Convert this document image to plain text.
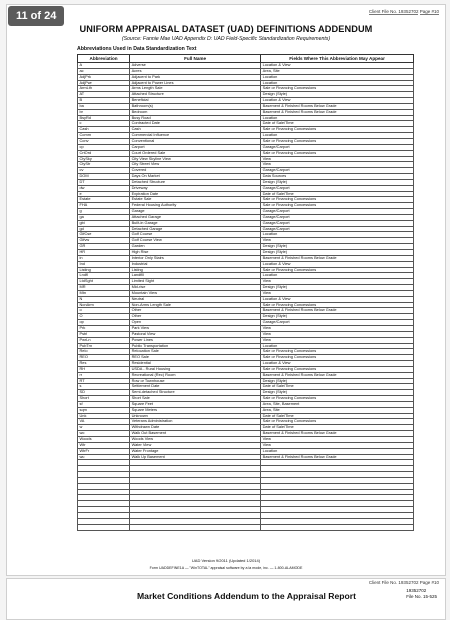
11 of 24	Client File No. 19352702 Page #10
UNIFORM APPRAISAL DATASET (UAD) DEFINITIONS ADDENDUM
(Source: Fannie Mae UAD Appendix D: UAD Field-Specific Standardization Requirements)
Abbreviations Used in Data Standardization Text
Abbreviation	Full Name	Fields Where This Abbreviation May Appear
A	Adverse	Location & View
ac	Acres	Area, Site
AdjPrk	Adjacent to Park	Location
AdjPwr	Adjacent to Power Lines	Location
ArmLth	Arms Length Sale	Sale or Financing Concessions
AT	Attached Structure	Design (Style)
B	Beneficial	Location & View
ba	Bathroom(s)	Basement & Finished Rooms Below Grade
br	Bedroom	Basement & Finished Rooms Below Grade
BsyRd	Busy Road	Location
c	Contracted Date	Date of Sale/Time
Cash	Cash	Sale or Financing Concessions
Comm	Commercial Influence	Location
Conv	Conventional	Sale or Financing Concessions
cp	Carport	Garage/Carport
CrtOrd	Court Ordered Sale	Sale or Financing Concessions
CtySky	City View Skyline View	View
CtyStr	City Street View	View
cv	Covered	Garage/Carport
DOM	Days On Market	Data Sources
DT	Detached Structure	Design (Style)
dw	Driveway	Garage/Carport
e	Expiration Date	Date of Sale/Time
Estate	Estate Sale	Sale or Financing Concessions
FHA	Federal Housing Authority	Sale or Financing Concessions
g	Garage	Garage/Carport
ga	Attached Garage	Garage/Carport
gbi	Built-in Garage	Garage/Carport
gd	Detached Garage	Garage/Carport
GlfCse	Golf Course	Location
Glfvw	Golf Course View	View
GR	Garden	Design (Style)
HR	High Rise	Design (Style)
in	Interior Only Stairs	Basement & Finished Rooms Below Grade
Ind	Industrial	Location & View
Listing	Listing	Sale or Financing Concessions
Lndfl	Landfill	Location
LtdSght	Limited Sight	View
MR	Mid-rise	Design (Style)
Mtn	Mountain View	View
N	Neutral	Location & View
NonArm	Non-Arms Length Sale	Sale or Financing Concessions
o	Other	Basement & Finished Rooms Below Grade
O	Other	Design (Style)
op	Open	Garage/Carport
Prk	Park View	View
Pstrl	Pastoral View	View
PwrLn	Power Lines	View
PubTrn	Public Transportation	Location
Relo	Relocation Sale	Sale or Financing Concessions
REO	REO Sale	Sale or Financing Concessions
Res	Residential	Location & View
RH	USDA - Rural Housing	Sale or Financing Concessions
rr	Recreational (Rec) Room	Basement & Finished Rooms Below Grade
RT	Row or Townhouse	Design (Style)
s	Settlement Date	Date of Sale/Time
SD	Semi-detached Structure	Design (Style)
Short	Short Sale	Sale or Financing Concessions
sf	Square Feet	Area, Site, Basement
sqm	Square Meters	Area, Site
Unk	Unknown	Date of Sale/Time
VA	Veterans Administration	Sale or Financing Concessions
w	Withdrawn Date	Date of Sale/Time
wo	Walk Out Basement	Basement & Finished Rooms Below Grade
Woods	Woods View	View
Wtr	Water View	View
WtrFr	Water Frontage	Location
wu	Walk Up Basement	Basement & Finished Rooms Below Grade

UAD Version 9/2011 (Updated 1/2014)
Form UADDEFINE1A — "WinTOTAL" appraisal software by a la mode, inc. — 1-800-ALAMODE
Client File No. 19352702 Page #10
Market Conditions Addendum to the Appraisal Report
19352702
File No. 15-525
